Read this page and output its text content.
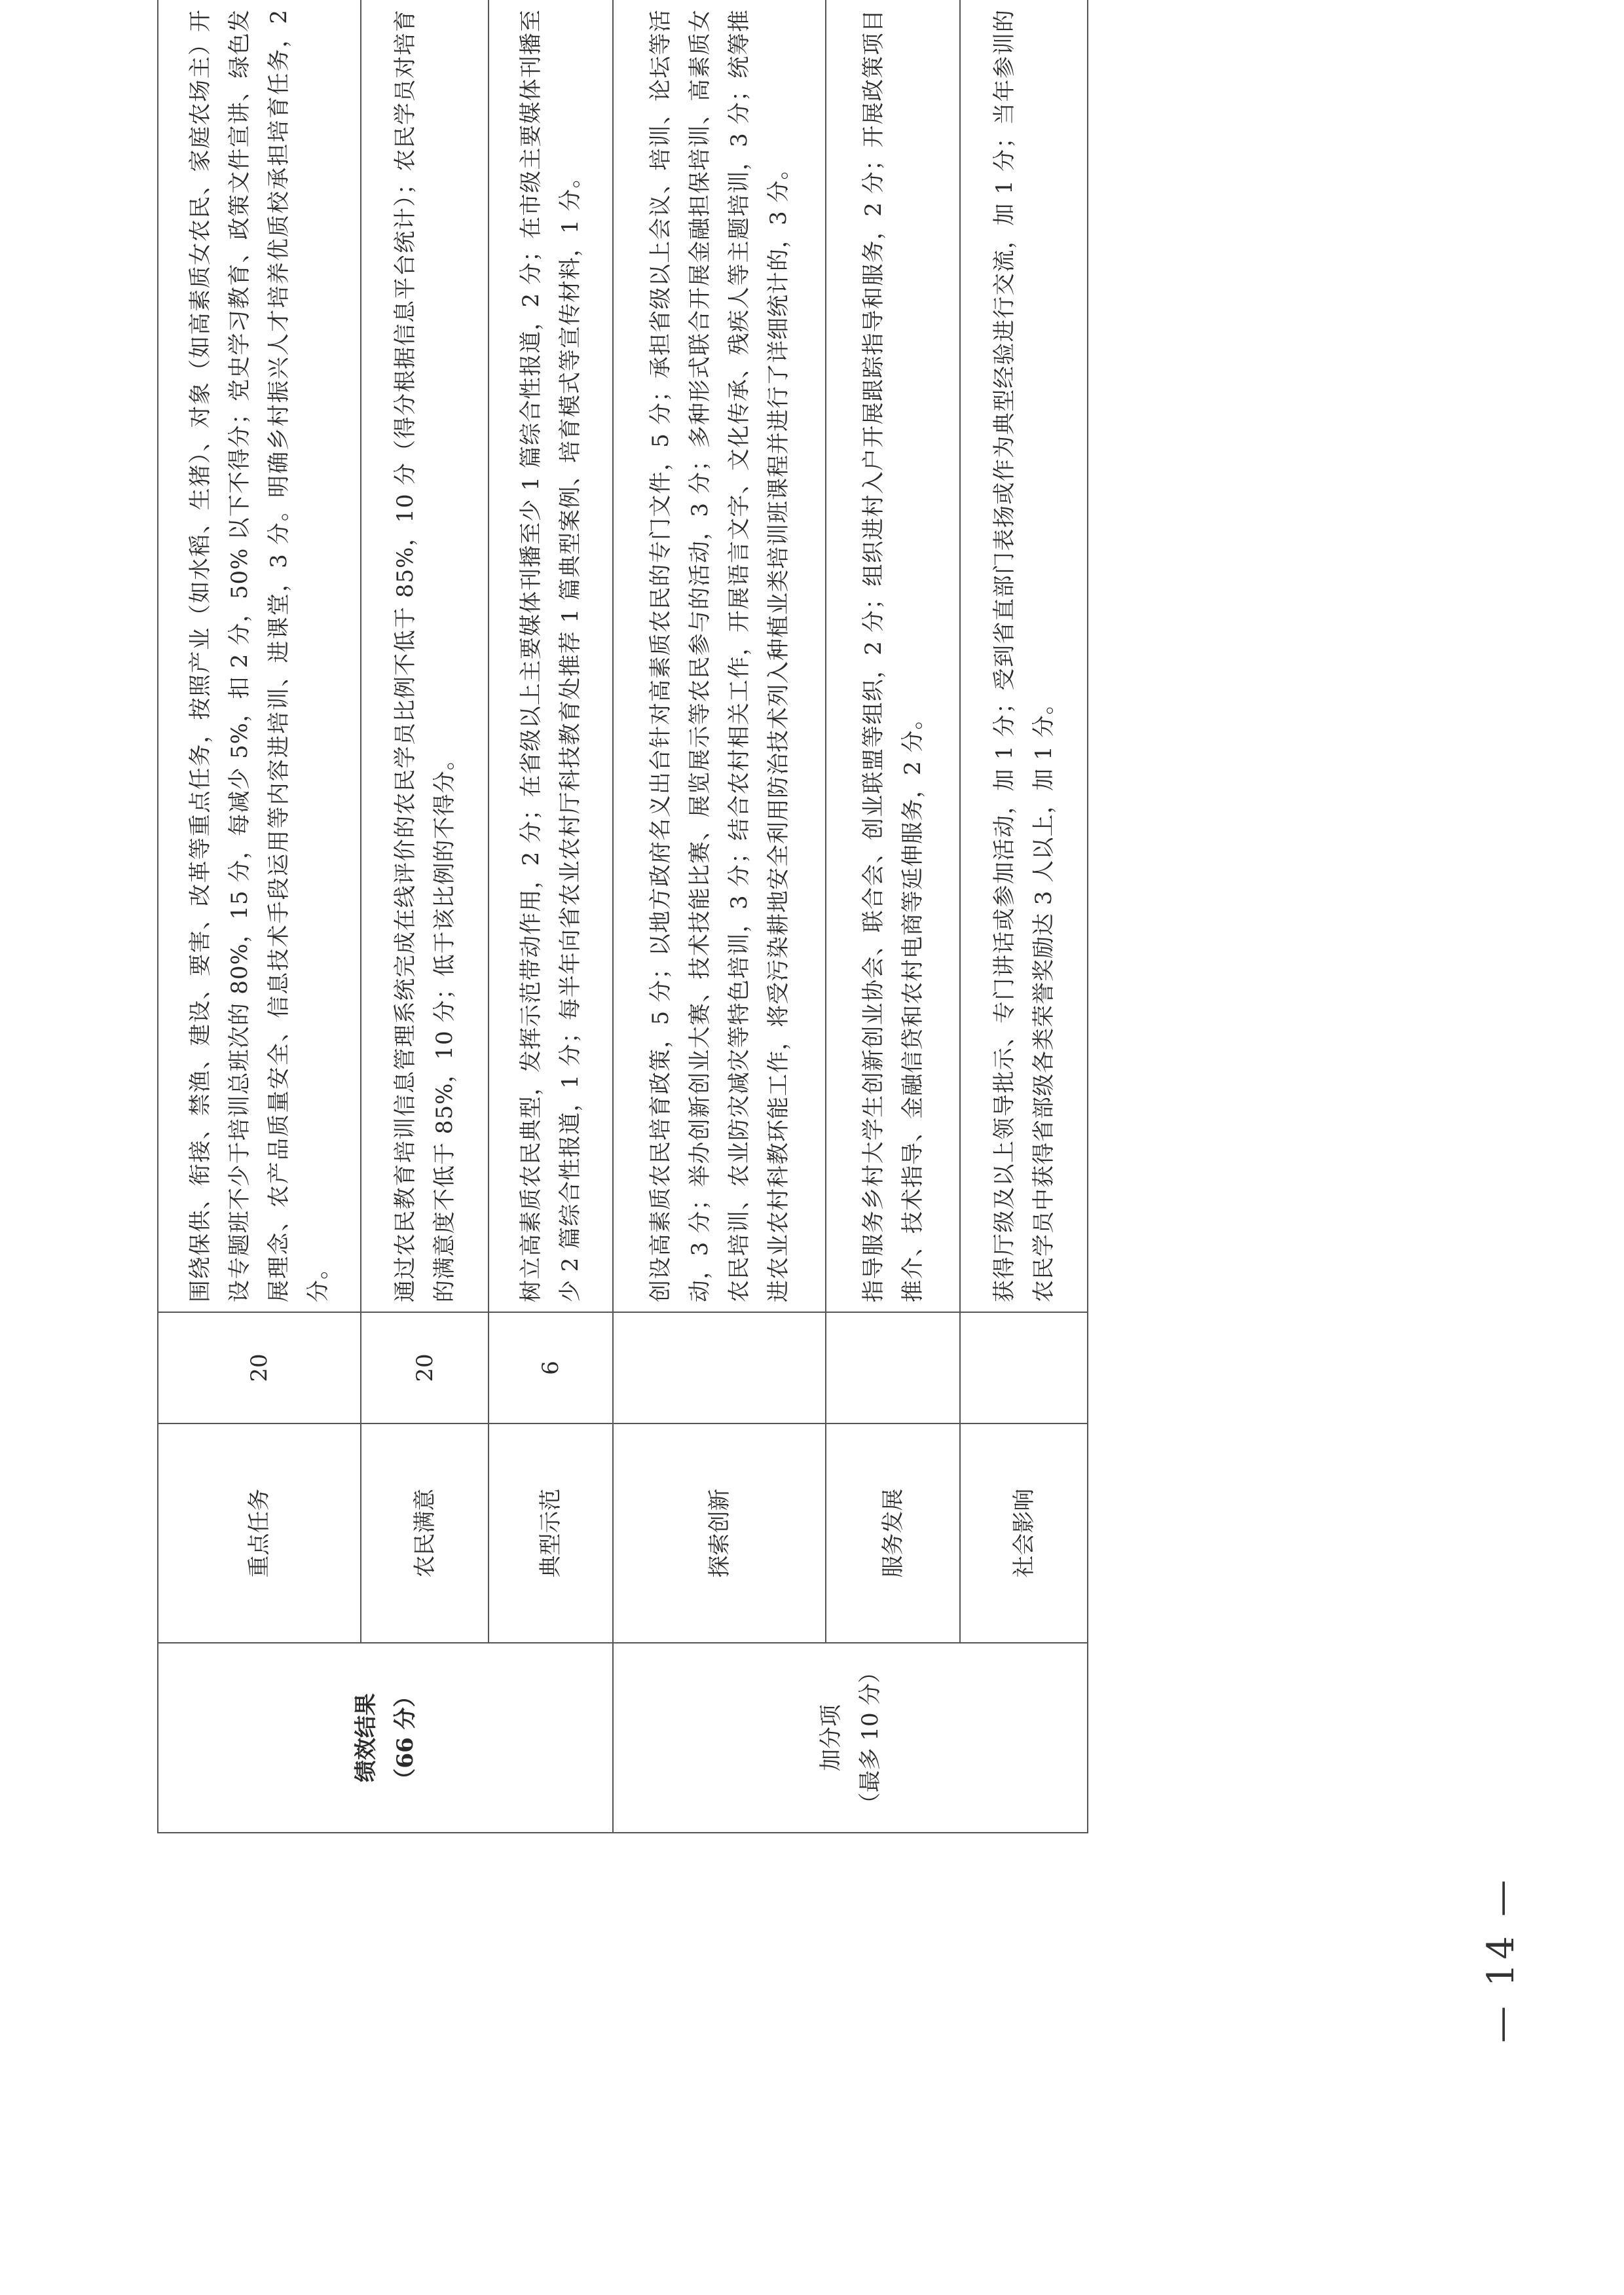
绩效结果 （66 分）	重点任务	20	围绕保供、衔接、禁渔、建设、要害、改革等重点任务，按照产业（如水稻、生猪）、对象（如高素质女农民、家庭农场主）开设专题班不少于培训总班次的 80%，15 分，每减少 5%，扣 2 分，50% 以下不得分；党史学习教育、政策文件宣讲、绿色发展理念、农产品质量安全、信息技术手段运用等内容进培训、进课堂，3 分。明确乡村振兴人才培养优质校承担培育任务，2 分。
	农民满意	20	通过农民教育培训信息管理系统完成在线评价的农民学员比例不低于 85%，10 分（得分根据信息平台统计）；农民学员对培育的满意度不低于 85%，10 分；低于该比例的不得分。
	典型示范	6	树立高素质农民典型，发挥示范带动作用，2 分；在省级以上主要媒体刊播至少 1 篇综合性报道，2 分；在市级主要媒体刊播至少 2 篇综合性报道，1 分；每半年向省农业农村厅科技教育处推荐 1 篇典型案例、培育模式等宣传材料，1 分。

加分项 （最多 10 分）	探索创新		创设高素质农民培育政策，5 分；以地方政府名义出台针对高素质农民的专门文件，5 分；承担省级以上会议、培训、论坛等活动，3 分；举办创新创业大赛、技术技能比赛、展览展示等农民参与的活动，3 分；多种形式联合开展金融担保培训、高素质女农民培训、农业防灾减灾等特色培训，3 分；结合农村相关工作，开展语言文字、文化传承、残疾人等主题培训，3 分；统筹推进农业农村科教环能工作，将受污染耕地安全利用防治技术列入种植业类培训班课程并进行了详细统计的，3 分。
	服务发展		指导服务乡村大学生创新创业协会、联合会、创业联盟等组织，2 分；组织进村入户开展跟踪指导和服务，2 分；开展政策项目推介、技术指导、金融信贷和农村电商等延伸服务，2 分。
	社会影响		获得厅级及以上领导批示、专门讲话或参加活动，加 1 分；受到省直部门表扬或作为典型经验进行交流，加 1 分；当年参训的农民学员中获得省部级各类荣誉奖励达 3 人以上，加 1 分。
— 14 —
